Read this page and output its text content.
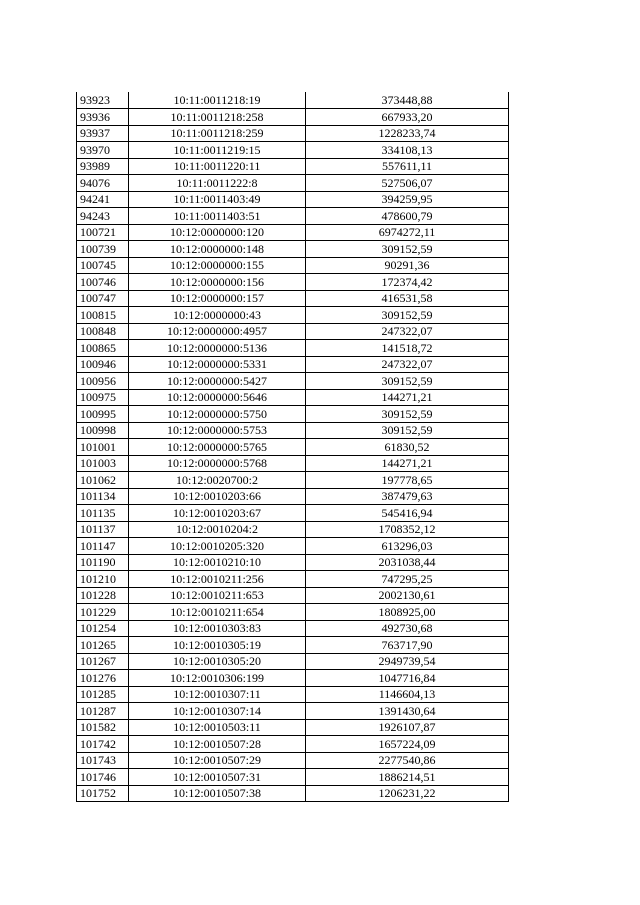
93923	10:11:0011218:19	373448,88
93936	10:11:0011218:258	667933,20
93937	10:11:0011218:259	1228233,74
93970	10:11:0011219:15	334108,13
93989	10:11:0011220:11	557611,11
94076	10:11:0011222:8	527506,07
94241	10:11:0011403:49	394259,95
94243	10:11:0011403:51	478600,79
100721	10:12:0000000:120	6974272,11
100739	10:12:0000000:148	309152,59
100745	10:12:0000000:155	90291,36
100746	10:12:0000000:156	172374,42
100747	10:12:0000000:157	416531,58
100815	10:12:0000000:43	309152,59
100848	10:12:0000000:4957	247322,07
100865	10:12:0000000:5136	141518,72
100946	10:12:0000000:5331	247322,07
100956	10:12:0000000:5427	309152,59
100975	10:12:0000000:5646	144271,21
100995	10:12:0000000:5750	309152,59
100998	10:12:0000000:5753	309152,59
101001	10:12:0000000:5765	61830,52
101003	10:12:0000000:5768	144271,21
101062	10:12:0020700:2	197778,65
101134	10:12:0010203:66	387479,63
101135	10:12:0010203:67	545416,94
101137	10:12:0010204:2	1708352,12
101147	10:12:0010205:320	613296,03
101190	10:12:0010210:10	2031038,44
101210	10:12:0010211:256	747295,25
101228	10:12:0010211:653	2002130,61
101229	10:12:0010211:654	1808925,00
101254	10:12:0010303:83	492730,68
101265	10:12:0010305:19	763717,90
101267	10:12:0010305:20	2949739,54
101276	10:12:0010306:199	1047716,84
101285	10:12:0010307:11	1146604,13
101287	10:12:0010307:14	1391430,64
101582	10:12:0010503:11	1926107,87
101742	10:12:0010507:28	1657224,09
101743	10:12:0010507:29	2277540,86
101746	10:12:0010507:31	1886214,51
101752	10:12:0010507:38	1206231,22
